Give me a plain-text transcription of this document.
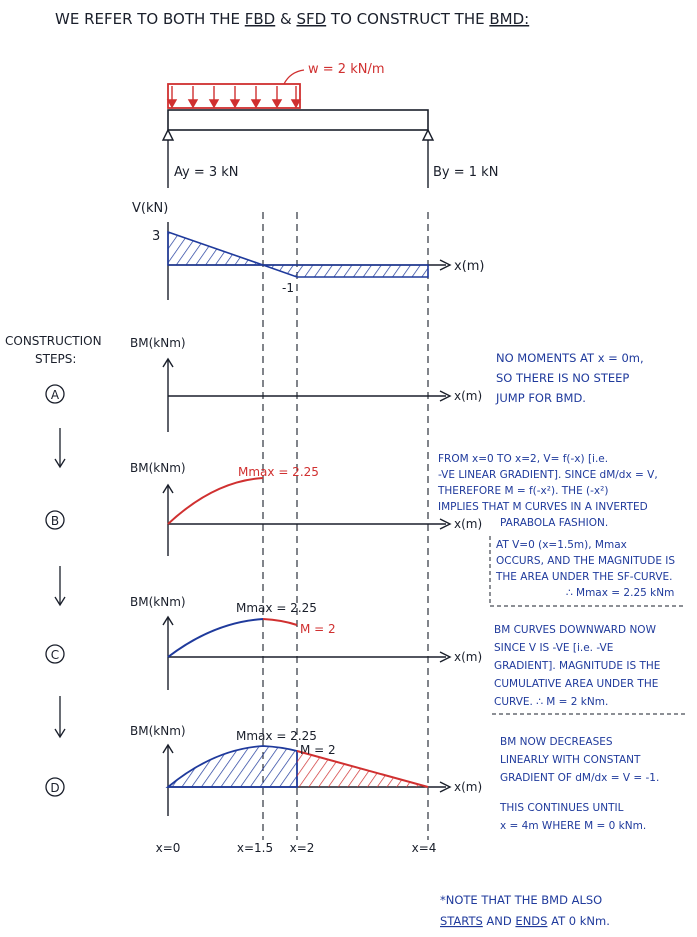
WE REFER TO BOTH THE FBD & SFD TO CONSTRUCT THE BMD:
w = 2 kN/m
Ay = 3 kN	By = 1 kN
V(kN)
3
-1
x(m)
CONSTRUCTION
STEPS:
A
B
C
D
BM(kNm)
x(m)
NO MOMENTS AT x = 0m, SO THERE IS NO STEEP JUMP FOR BMD.
BM(kNm)	Mmax = 2.25
x(m)
FROM x=0 TO x=2, V= f(-x) [i.e. -VE LINEAR GRADIENT]. SINCE dM/dx = V, THEREFORE M = f(-x²). THE (-x²) IMPLIES THAT M CURVES IN A INVERTED PARABOLA FASHION.
AT V=0 (x=1.5m), Mmax OCCURS, AND THE MAGNITUDE IS THE AREA UNDER THE SF-CURVE. ∴ Mmax = 2.25 kNm
BM(kNm)	Mmax = 2.25
M = 2
x(m)
BM CURVES DOWNWARD NOW SINCE V IS -VE [i.e. -VE GRADIENT]. MAGNITUDE IS THE CUMULATIVE AREA UNDER THE CURVE. ∴ M = 2 kNm.
BM(kNm)	Mmax = 2.25
M = 2
x(m)
BM NOW DECREASES LINEARLY WITH CONSTANT GRADIENT OF dM/dx = V = -1. THIS CONTINUES UNTIL x = 4m WHERE M = 0 kNm.
x=0	x=1.5 x=2	x=4
*NOTE THAT THE BMD ALSO
STARTS AND ENDS AT 0 kNm.
